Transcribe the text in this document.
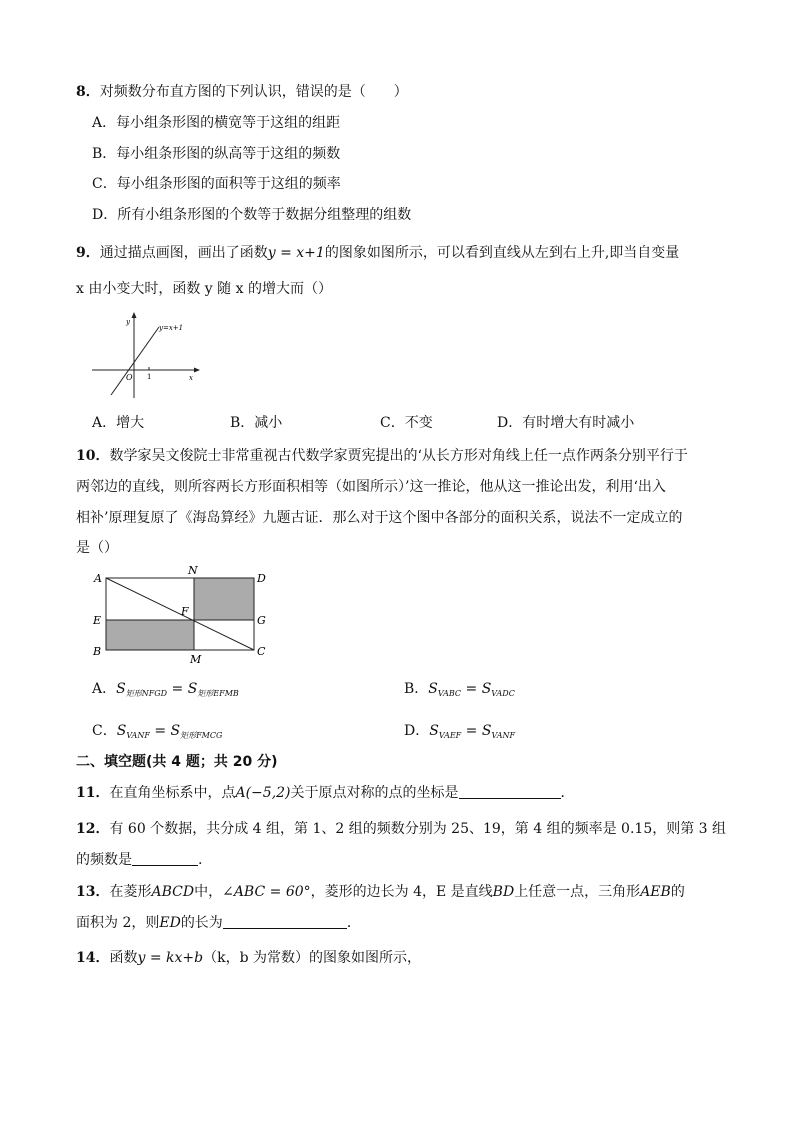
8．对频数分布直方图的下列认识，错误的是（　　）
A．每小组条形图的横宽等于这组的组距
B．每小组条形图的纵高等于这组的频数
C．每小组条形图的面积等于这组的频率
D．所有小组条形图的个数等于数据分组整理的组数
9．通过描点画图，画出了函数y = x+1的图象如图所示，可以看到直线从左到右上升,即当自变量
x 由小变大时，函数 y 随 x 的增大而（）
y
x
O 1
y=x+1
A．增大	B．减小	C．不变	D．有时增大有时减小
10．数学家吴文俊院士非常重视古代数学家贾宪提出的‘从长方形对角线上任一点作两条分别平行于
两邻边的直线，则所容两长方形面积相等（如图所示）’这一推论，他从这一推论出发，利用‘出入
相补’原理复原了《海岛算经》九题古证．那么对于这个图中各部分的面积关系，说法不一定成立的
是（）
A
N
D
E
F
G
B
M
C
A．$S_{矩形NFGD} = S_{矩形EFMB}$	B．$S_{VABC} = S_{VADC}$
C．$S_{VANF} = S_{矩形FMCG}$	D．$S_{VAEF} = S_{VANF}$
二、填空题(共 4 题；共 20 分)
11．在直角坐标系中，点A(−5,2)关于原点对称的点的坐标是	．
12．有 60 个数据，共分成 4 组，第 1、2 组的频数分别为 25、19，第 4 组的频率是 0.15，则第 3 组
的频数是	.
13．在菱形ABCD中，∠ABC = 60°，菱形的边长为 4，E 是直线BD上任意一点，三角形AEB的
面积为 2，则ED的长为	．
14．函数y = kx+b（k，b 为常数）的图象如图所示，
